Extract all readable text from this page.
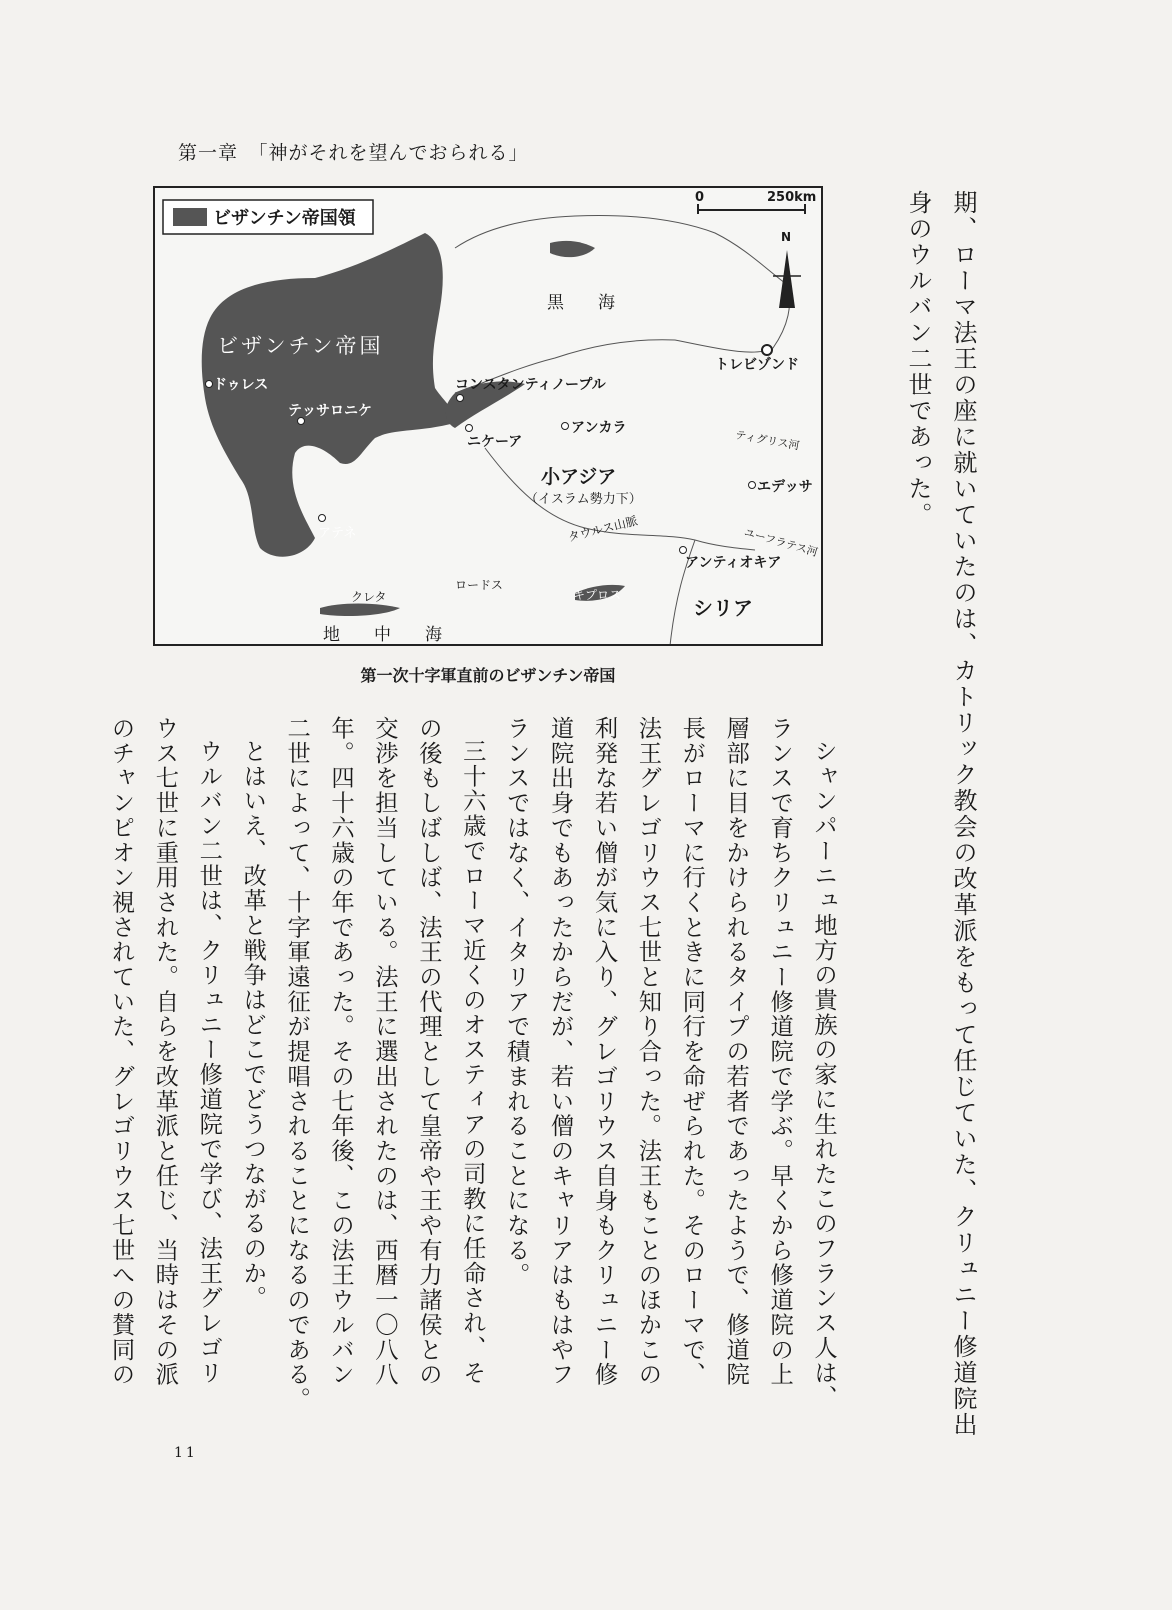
第一章　「神がそれを望んでおられる」
ビザンチン帝国領
0	250km
N
ビザンチン帝国
黒　　海
トレビゾンド
コンスタンティノープル
ドゥレス
テッサロニケ
ニケーア
アンカラ
ティグリス河
小アジア
（イスラム勢力下）
エデッサ
タウルス山脈
アテネ	ユーフラテス河
アンティオキア
ロードス
キプロス
クレタ	シリア
地　　中　　海
第一次十字軍直前のビザンチン帝国	期、ローマ法王の座に就いていたのは、カトリック教会の改革派をもって任じていた、クリュニー修道院出

身のウルバン二世であった。

シャンパーニュ地方の貴族の家に生れたこのフランス人は、

ランスで育ちクリュニー修道院で学ぶ。早くから修道院の上

層部に目をかけられるタイプの若者であったようで、修道院

長がローマに行くときに同行を命ぜられた。そのローマで、

法王グレゴリウス七世と知り合った。法王もことのほかこの

利発な若い僧が気に入り、グレゴリウス自身もクリュニー修

道院出身でもあったからだが、若い僧のキャリアはもはやフ

ランスではなく、イタリアで積まれることになる。

三十六歳でローマ近くのオスティアの司教に任命され、そ

の後もしばしば、法王の代理として皇帝や王や有力諸侯との

交渉を担当している。法王に選出されたのは、西暦一〇八八

年。四十六歳の年であった。その七年後、この法王ウルバン

二世によって、十字軍遠征が提唱されることになるのである。

とはいえ、改革と戦争はどこでどうつながるのか。

ウルバン二世は、クリュニー修道院で学び、法王グレゴリ

ウス七世に重用された。自らを改革派と任じ、当時はその派

のチャンピオン視されていた、グレゴリウス七世への賛同の

11
